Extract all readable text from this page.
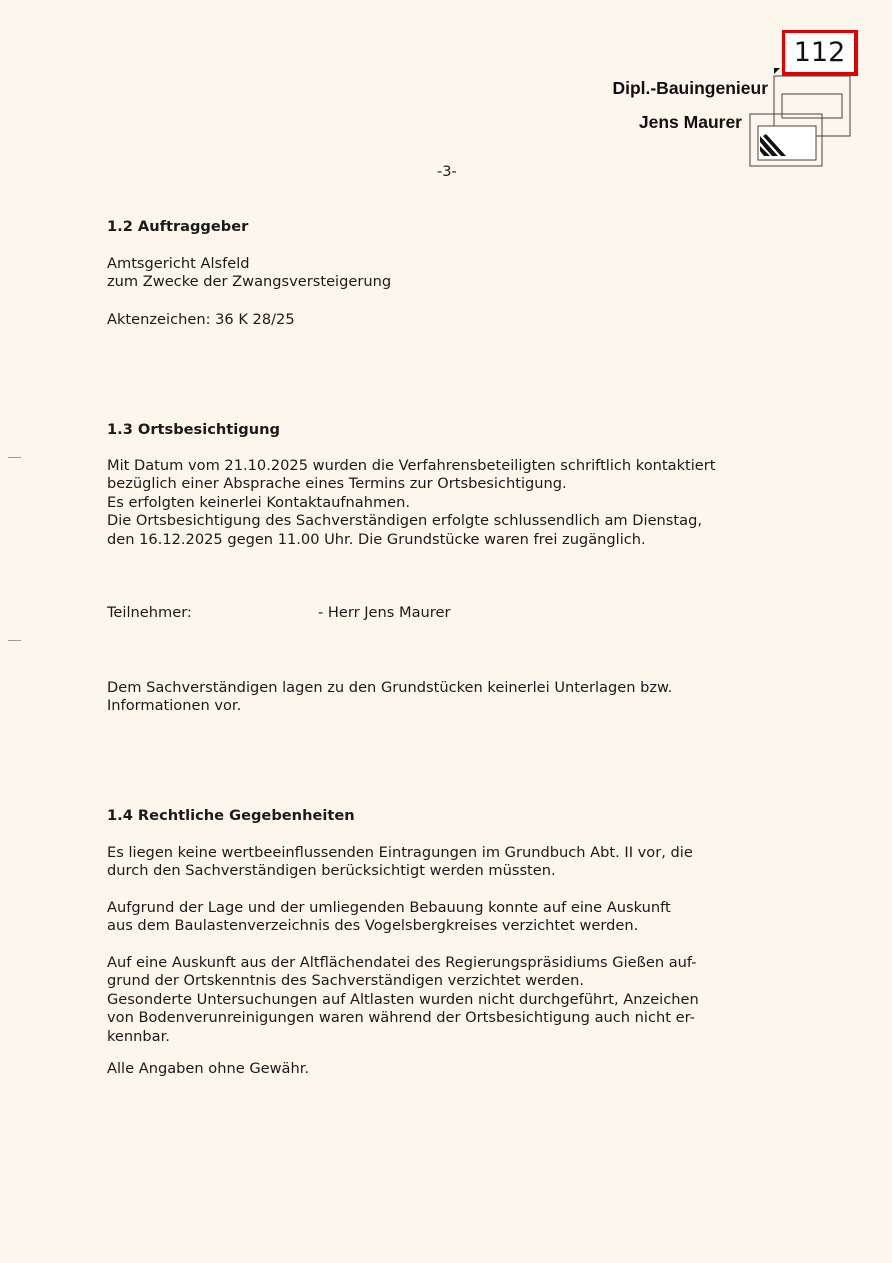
112
Dipl.-Bauingenieur
Jens Maurer
-3-
1.2 Auftraggeber
Amtsgericht Alsfeld
zum Zwecke der Zwangsversteigerung
Aktenzeichen: 36 K 28/25
1.3 Ortsbesichtigung
Mit Datum vom 21.10.2025 wurden die Verfahrensbeteiligten schriftlich kontaktiert
bezüglich einer Absprache eines Termins zur Ortsbesichtigung.
Es erfolgten keinerlei Kontaktaufnahmen.
Die Ortsbesichtigung des Sachverständigen erfolgte schlussendlich am Dienstag,
den 16.12.2025 gegen 11.00 Uhr. Die Grundstücke waren frei zugänglich.
Teilnehmer:	- Herr Jens Maurer
Dem Sachverständigen lagen zu den Grundstücken keinerlei Unterlagen bzw.
Informationen vor.
1.4 Rechtliche Gegebenheiten
Es liegen keine wertbeeinflussenden Eintragungen im Grundbuch Abt. II vor, die
durch den Sachverständigen berücksichtigt werden müssten.
Aufgrund der Lage und der umliegenden Bebauung konnte auf eine Auskunft
aus dem Baulastenverzeichnis des Vogelsbergkreises verzichtet werden.
Auf eine Auskunft aus der Altflächendatei des Regierungspräsidiums Gießen auf-
grund der Ortskenntnis des Sachverständigen verzichtet werden.
Gesonderte Untersuchungen auf Altlasten wurden nicht durchgeführt, Anzeichen
von Bodenverunreinigungen waren während der Ortsbesichtigung auch nicht er-
kennbar.
Alle Angaben ohne Gewähr.
